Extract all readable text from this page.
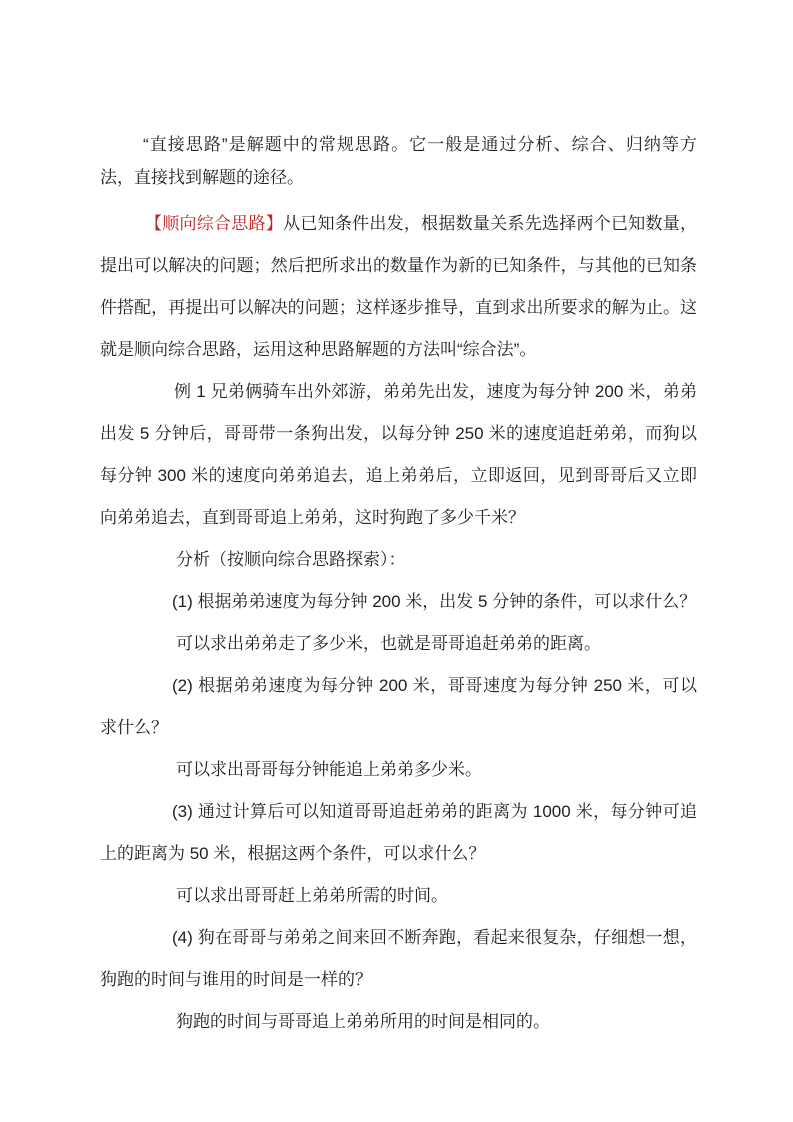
“直接思路”是解题中的常规思路。它一般是通过分析、综合、归纳等方法，直接找到解题的途径。

【顺向综合思路】从已知条件出发，根据数量关系先选择两个已知数量，提出可以解决的问题；然后把所求出的数量作为新的已知条件，与其他的已知条件搭配，再提出可以解决的问题；这样逐步推导，直到求出所要求的解为止。这就是顺向综合思路，运用这种思路解题的方法叫“综合法”。

例 1 兄弟俩骑车出外郊游，弟弟先出发，速度为每分钟 200 米，弟弟出发 5 分钟后，哥哥带一条狗出发，以每分钟 250 米的速度追赶弟弟，而狗以每分钟 300 米的速度向弟弟追去，追上弟弟后，立即返回，见到哥哥后又立即向弟弟追去，直到哥哥追上弟弟，这时狗跑了多少千米？

分析（按顺向综合思路探索）：

(1) 根据弟弟速度为每分钟 200 米，出发 5 分钟的条件，可以求什么？

可以求出弟弟走了多少米，也就是哥哥追赶弟弟的距离。

(2) 根据弟弟速度为每分钟 200 米，哥哥速度为每分钟 250 米，可以求什么？

可以求出哥哥每分钟能追上弟弟多少米。

(3) 通过计算后可以知道哥哥追赶弟弟的距离为 1000 米，每分钟可追上的距离为 50 米，根据这两个条件，可以求什么？

可以求出哥哥赶上弟弟所需的时间。

(4) 狗在哥哥与弟弟之间来回不断奔跑，看起来很复杂，仔细想一想，狗跑的时间与谁用的时间是一样的？

狗跑的时间与哥哥追上弟弟所用的时间是相同的。
